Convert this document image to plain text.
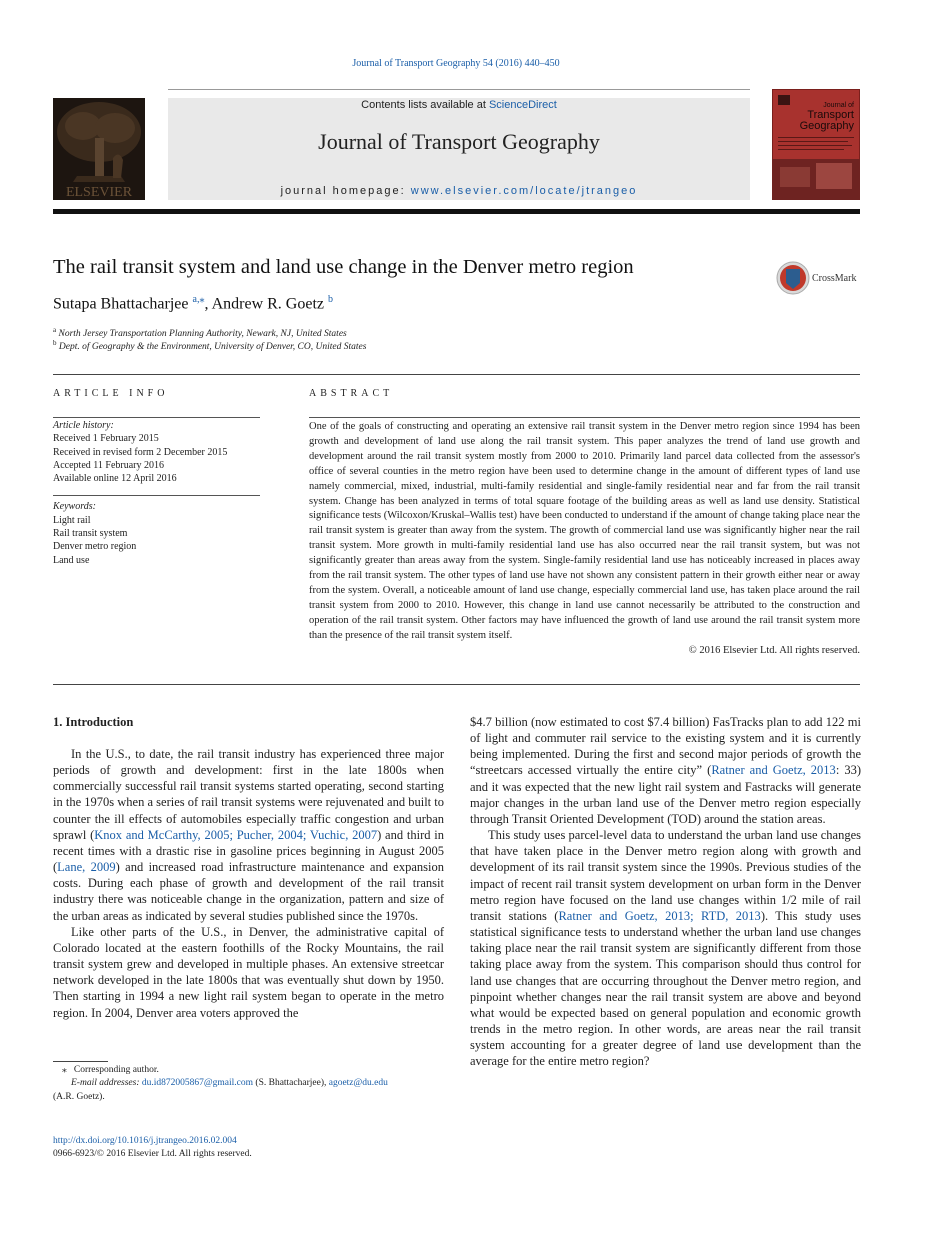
Journal of Transport Geography 54 (2016) 440–450
ELSEVIER
Contents lists available at ScienceDirect
Journal of Transport Geography
journal homepage: www.elsevier.com/locate/jtrangeo
Journal of
Transport
Geography
The rail transit system and land use change in the Denver metro region
CrossMark
Sutapa Bhattacharjee $^{a,⁎}$, Andrew R. Goetz $^b$
$^a$ North Jersey Transportation Planning Authority, Newark, NJ, United States
$^b$ Dept. of Geography & the Environment, University of Denver, CO, United States
ARTICLE INFO
Article history:
Received 1 February 2015
Received in revised form 2 December 2015
Accepted 11 February 2016
Available online 12 April 2016
Keywords:
Light rail
Rail transit system
Denver metro region
Land use
ABSTRACT
One of the goals of constructing and operating an extensive rail transit system in the Denver metro region since 1994 has been growth and development of land use along the rail transit system. This paper analyzes the trend of land use growth and development around the rail transit system mostly from 2000 to 2010. Primarily land parcel data collected from the assessor's office of several counties in the metro region have been used to determine change in the amount of different types of land use namely commercial, mixed, industrial, multi-family residential and single-family residential near and far from the rail transit system. Change has been analyzed in terms of total square footage of the building areas as well as land use density. Statistical significance tests (Wilcoxon/Kruskal–Wallis test) have been conducted to understand if the amount of change taking place near the rail transit system is greater than away from the system. The growth of commercial land use was significantly higher near the rail transit system. More growth in multi-family residential land use has also occurred near the rail transit system, but was not significantly greater than areas away from the system. Single-family residential land use has noticeably increased in places away from the rail transit system. The other types of land use have not shown any consistent pattern in their growth either near or away from the system. Overall, a noticeable amount of land use change, especially commercial land use, has taken place around the rail transit system from 2000 to 2010. However, this change in land use cannot necessarily be attributed to the construction and operation of the rail transit system. Other factors may have influenced the growth of land use around the rail transit system more than the presence of the rail transit system itself.
© 2016 Elsevier Ltd. All rights reserved.
1. Introduction

In the U.S., to date, the rail transit industry has experienced three major periods of growth and development: first in the late 1800s when commercially successful rail transit systems started operating, second starting in the 1970s when a series of rail transit systems were rejuvenated and built to counter the ill effects of automobiles especially traffic congestion and urban sprawl (Knox and McCarthy, 2005; Pucher, 2004; Vuchic, 2007) and third in recent times with a drastic rise in gasoline prices beginning in August 2005 (Lane, 2009) and increased road infrastructure maintenance and expansion costs. During each phase of growth and development of the rail transit industry there was noticeable change in the organization, pattern and size of the urban areas as indicated by several studies published since the 1970s.

Like other parts of the U.S., in Denver, the administrative capital of Colorado located at the eastern foothills of the Rocky Mountains, the rail transit system grew and developed in multiple phases. An extensive streetcar network developed in the late 1800s that was eventually shut down by 1950. Then starting in 1994 a new light rail system began to operate in the metro region. In 2004, Denver area voters approved the

$4.7 billion (now estimated to cost $7.4 billion) FasTracks plan to add 122 mi of light and commuter rail service to the existing system and it is currently being implemented. During the first and second major periods of growth the “streetcars accessed virtually the entire city” (Ratner and Goetz, 2013: 33) and it was expected that the new light rail system and Fastracks will generate major changes in the urban land use of the Denver metro region especially through Transit Oriented Development (TOD) around the station areas.

This study uses parcel-level data to understand the urban land use changes that have taken place in the Denver metro region along with growth and development of its rail transit system since the 1990s. Previous studies of the impact of recent rail transit system development on urban form in the Denver metro region have focused on the land use changes within 1/2 mile of rail transit stations (Ratner and Goetz, 2013; RTD, 2013). This study uses statistical significance tests to understand whether the urban land use changes taking place near the rail transit system are significantly different from those taking place away from the system. This comparison should thus control for land use changes that are occurring throughout the Denver metro region, and pinpoint whether changes near the rail transit system are above and beyond what would be expected based on general population and economic growth trends in the metro region. In other words, are areas near the rail transit system accounting for a greater degree of land use development than the average for the entire metro region?

⁎ Corresponding author.
E-mail addresses: du.id872005867@gmail.com (S. Bhattacharjee), agoetz@du.edu
(A.R. Goetz).
http://dx.doi.org/10.1016/j.jtrangeo.2016.02.004
0966-6923/© 2016 Elsevier Ltd. All rights reserved.
